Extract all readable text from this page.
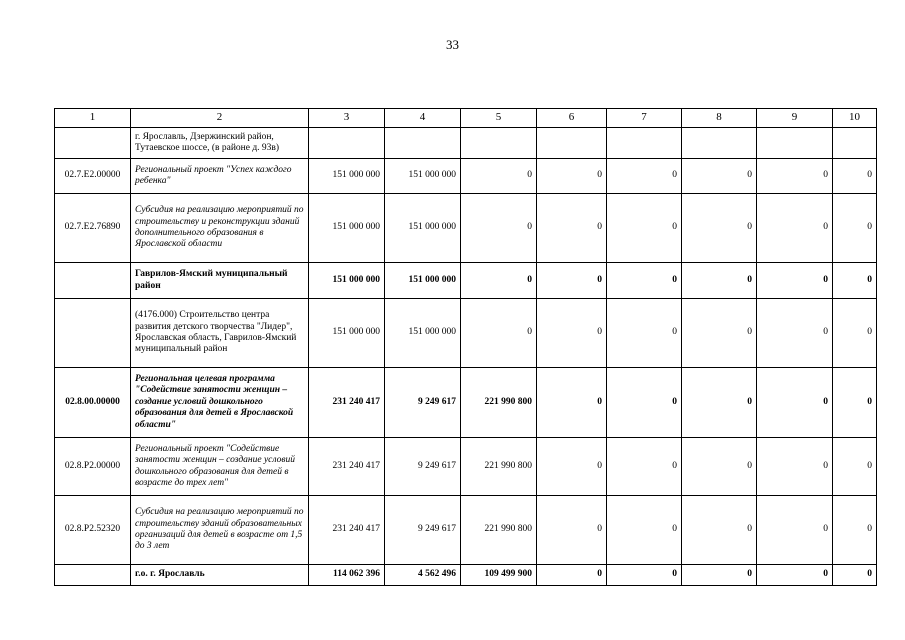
33
1	2	3	4	5	6	7	8	9	10
	г. Ярославль, Дзержинский район, Тутаевское шоссе, (в районе д. 93в)								
02.7.E2.00000	Региональный проект "Успех каждого ребенка"	151 000 000	151 000 000	0	0	0	0	0	0
02.7.E2.76890	Субсидия на реализацию мероприятий по строительству и реконструкции зданий дополнительного образования в Ярославской области	151 000 000	151 000 000	0	0	0	0	0	0
	Гаврилов-Ямский муниципальный район	151 000 000	151 000 000	0	0	0	0	0	0
	(4176.000) Строительство центра развития детского творчества "Лидер", Ярославская область, Гаврилов-Ямский муниципальный район	151 000 000	151 000 000	0	0	0	0	0	0
02.8.00.00000	Региональная целевая программа "Содействие занятости женщин – создание условий дошкольного образования для детей в Ярославской области"	231 240 417	9 249 617	221 990 800	0	0	0	0	0
02.8.P2.00000	Региональный проект "Содействие занятости женщин – создание условий дошкольного образования для детей в возрасте до трех лет"	231 240 417	9 249 617	221 990 800	0	0	0	0	0
02.8.P2.52320	Субсидия на реализацию мероприятий по строительству зданий образовательных организаций для детей в возрасте от 1,5 до 3 лет	231 240 417	9 249 617	221 990 800	0	0	0	0	0
	г.о. г. Ярославль	114 062 396	4 562 496	109 499 900	0	0	0	0	0
